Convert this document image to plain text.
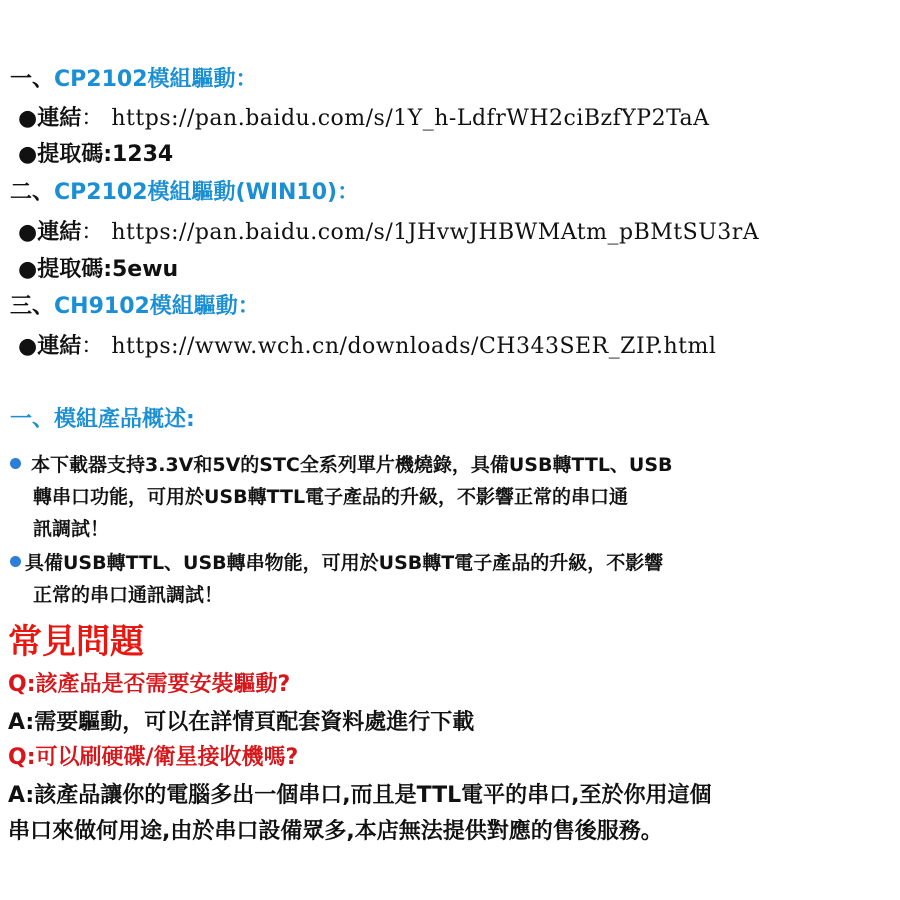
一、CP2102模組驅動：
●連結： https://pan.baidu.com/s/1Y_h-LdfrWH2ciBzfYP2TaA
●提取碼:1234
二、CP2102模組驅動(WIN10)：
●連結： https://pan.baidu.com/s/1JHvwJHBWMAtm_pBMtSU3rA
●提取碼:5ewu
三、CH9102模組驅動：
●連結： https://www.wch.cn/downloads/CH343SER_ZIP.html
一、模組產品概述:
本下載器支持3.3V和5V的STC全系列單片機燒錄，具備USB轉TTL、USB
轉串口功能，可用於USB轉TTL電子產品的升級，不影響正常的串口通
訊調試！
具備USB轉TTL、USB轉串物能，可用於USB轉T電子產品的升級，不影響
正常的串口通訊調試！
常見問題
Q:該產品是否需要安裝驅動?
A:需要驅動，可以在詳情頁配套資料處進行下載
Q:可以刷硬碟/衛星接收機嗎?
A:該產品讓你的電腦多出一個串口,而且是TTL電平的串口,至於你用這個
串口來做何用途,由於串口設備眾多,本店無法提供對應的售後服務。
